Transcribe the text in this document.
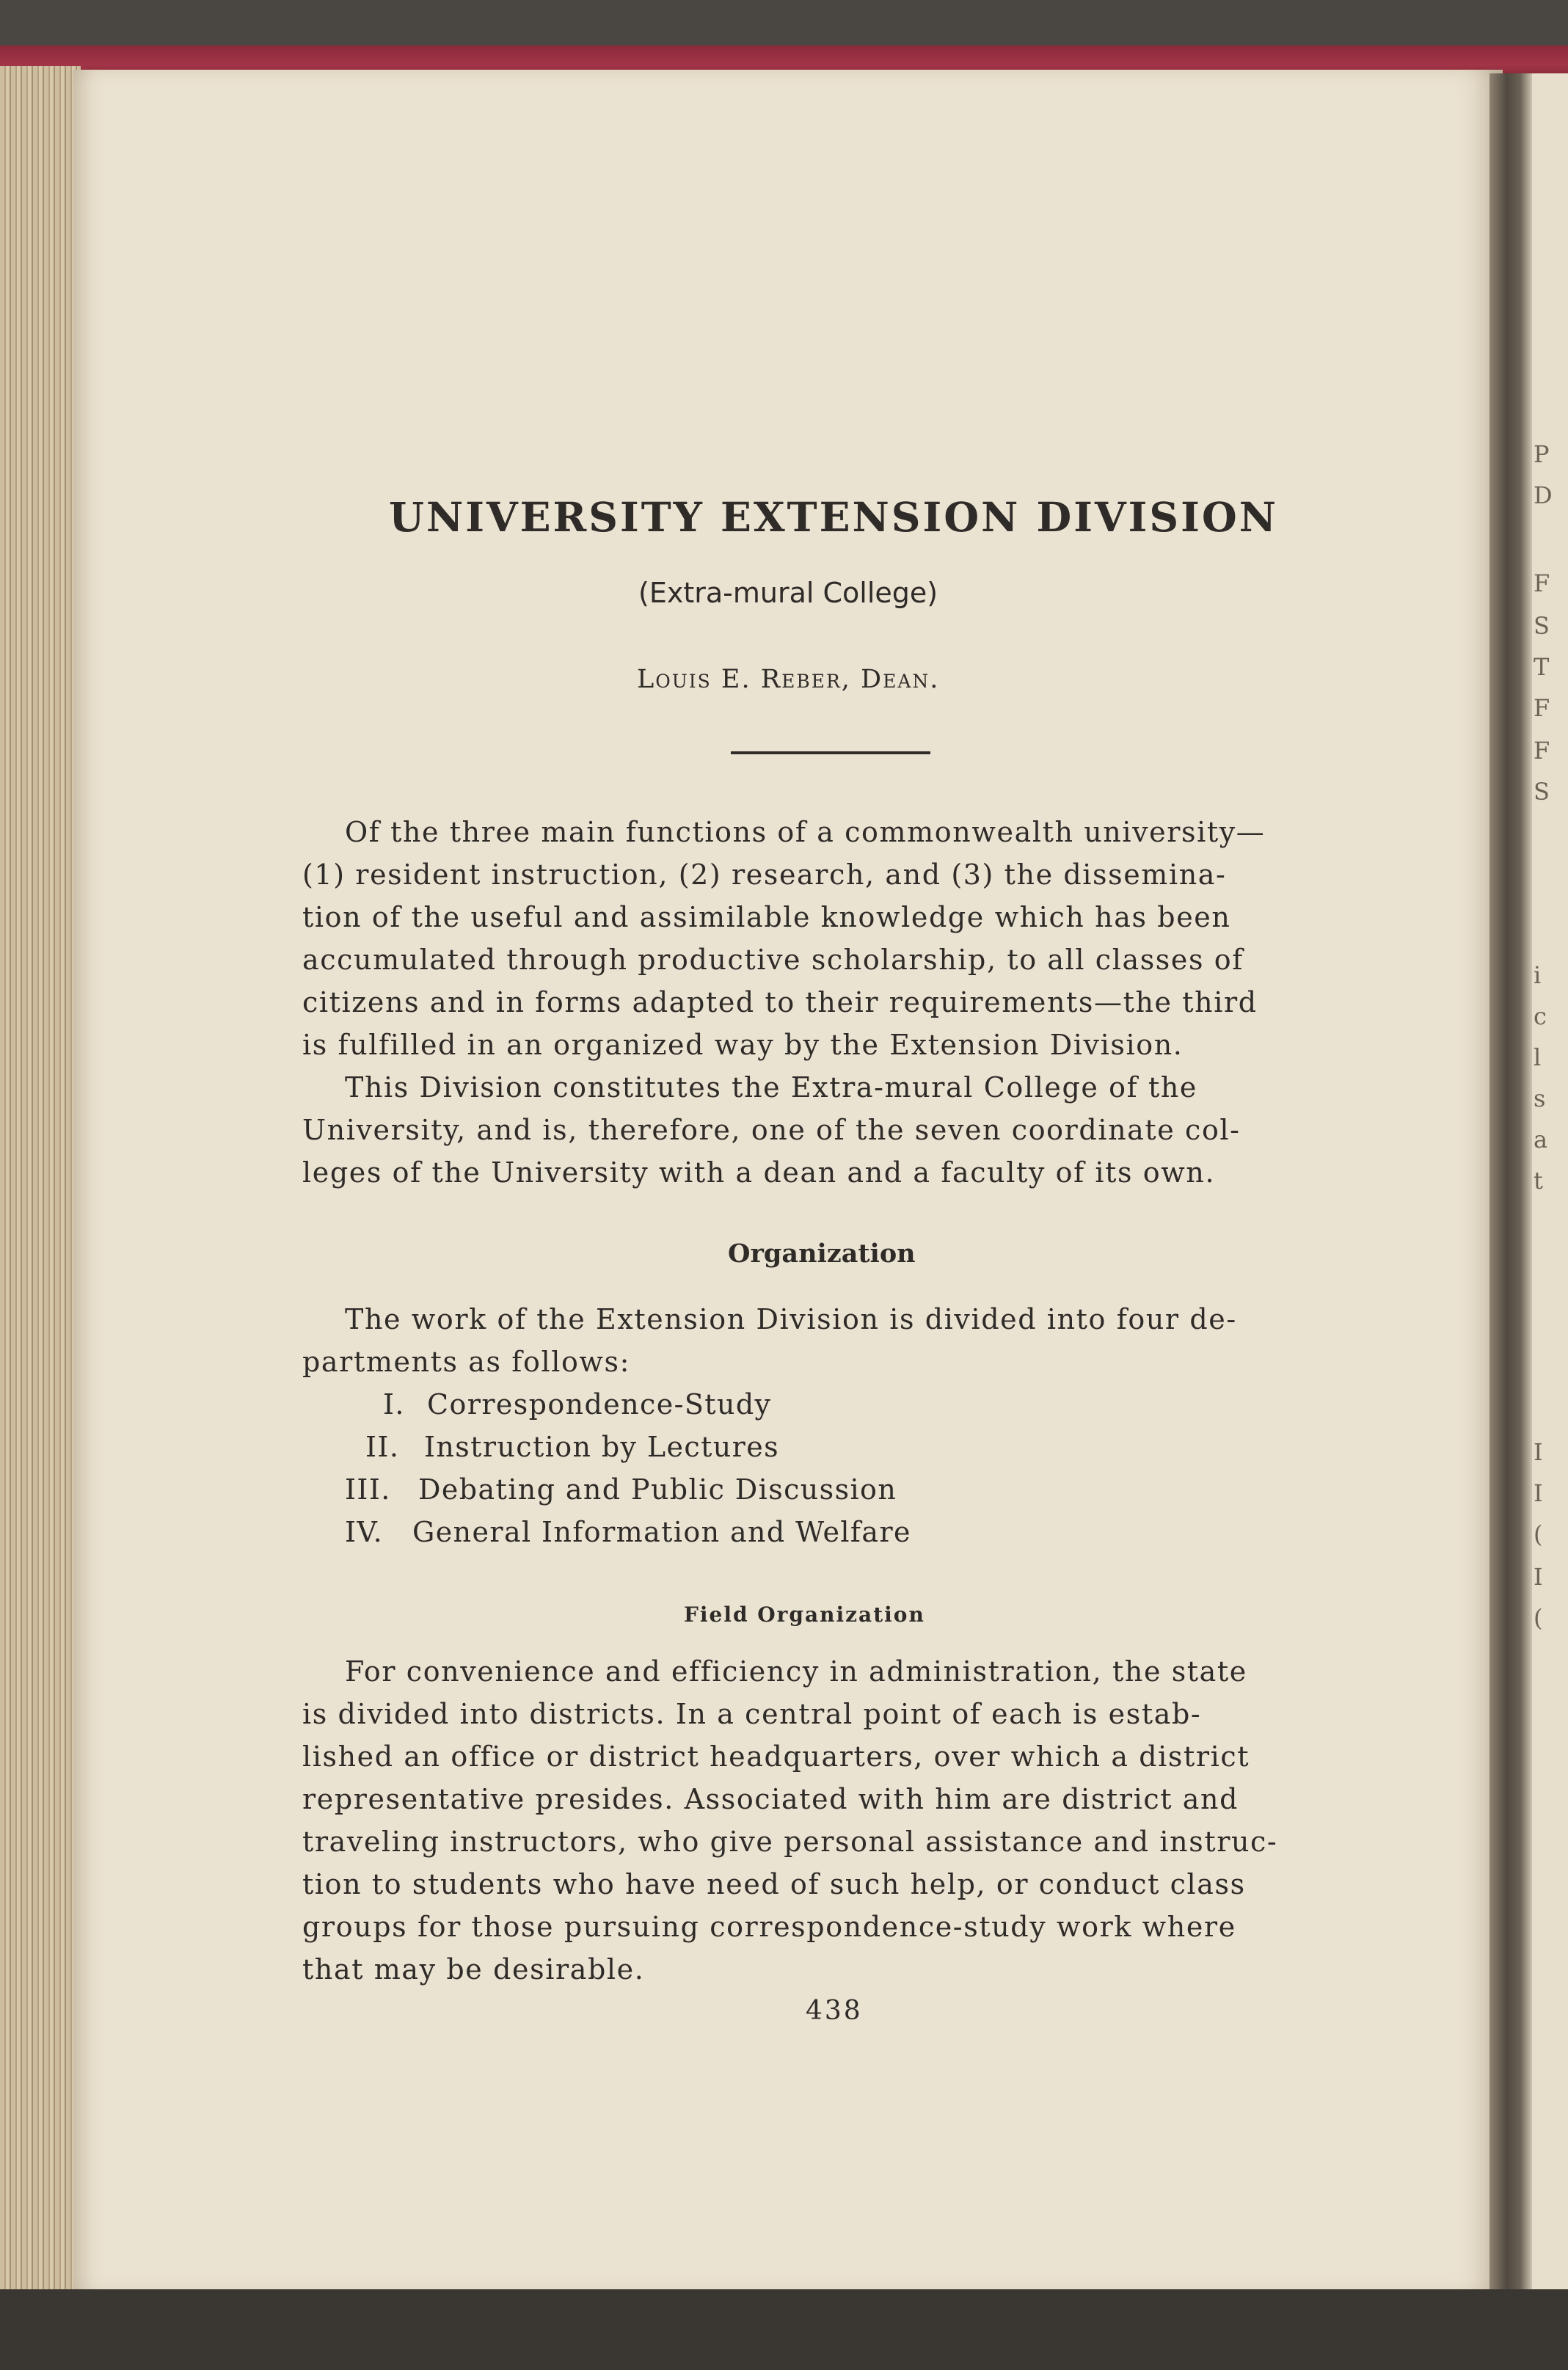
P
D
F
S
T
F
F
S
i
c
l
s
a
t
I
I
(
I
(
UNIVERSITY EXTENSION DIVISION
(Extra-mural College)
Louis E. Reber, Dean.
Of the three main functions of a commonwealth university—
(1) resident instruction, (2) research, and (3) the dissemina-
tion of the useful and assimilable knowledge which has been
accumulated through productive scholarship, to all classes of
citizens and in forms adapted to their requirements—the third
is fulfilled in an organized way by the Extension Division.
This Division constitutes the Extra-mural College of the
University, and is, therefore, one of the seven coordinate col-
leges of the University with a dean and a faculty of its own.
Organization
The work of the Extension Division is divided into four de-
partments as follows:
I. Correspondence-Study
II. Instruction by Lectures
III. Debating and Public Discussion
IV. General Information and Welfare
Field Organization
For convenience and efficiency in administration, the state
is divided into districts. In a central point of each is estab-
lished an office or district headquarters, over which a district
representative presides. Associated with him are district and
traveling instructors, who give personal assistance and instruc-
tion to students who have need of such help, or conduct class
groups for those pursuing correspondence-study work where
that may be desirable.
438
